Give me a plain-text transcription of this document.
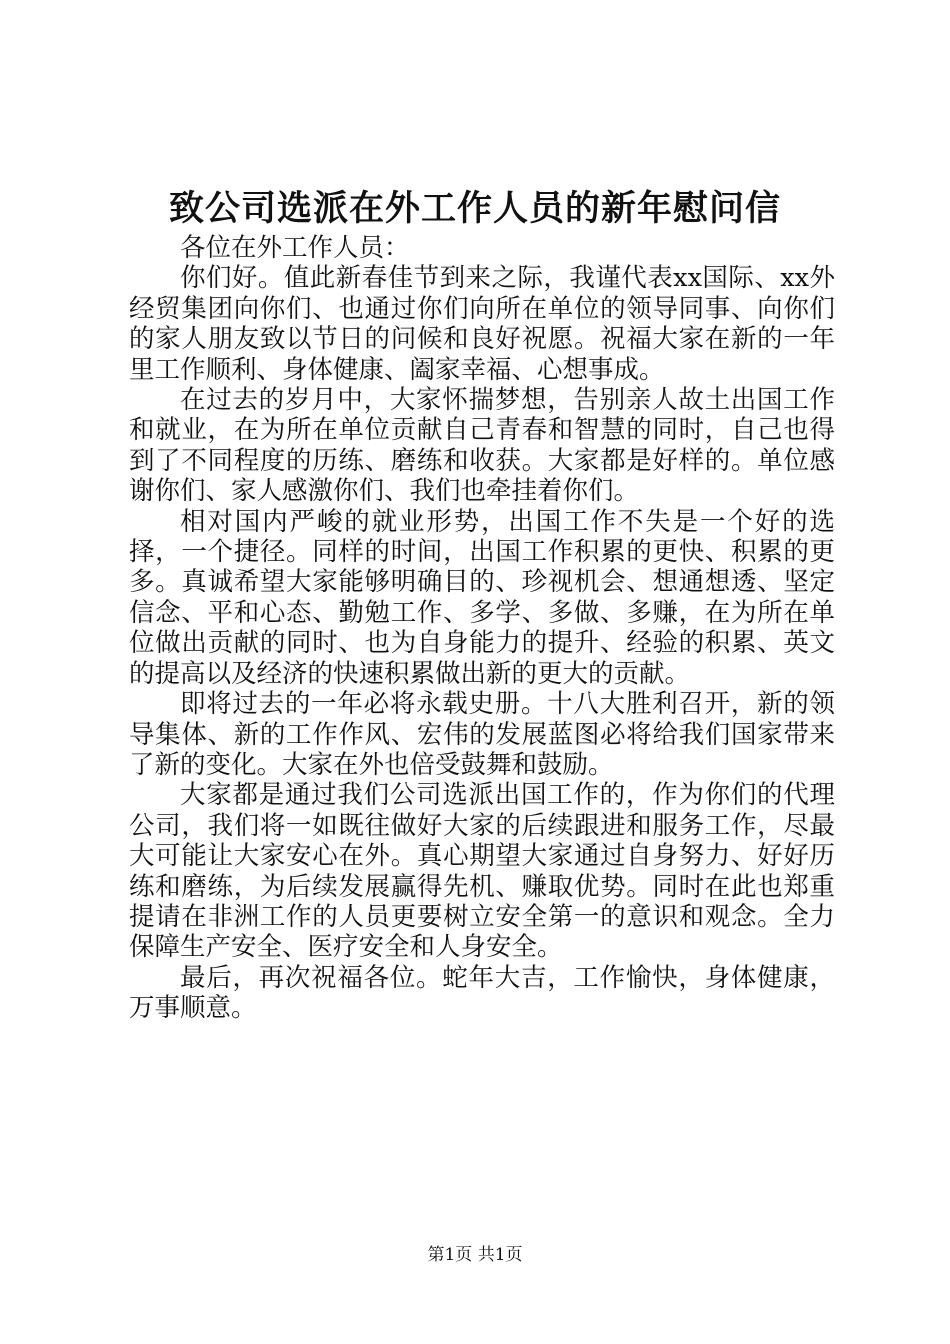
致公司选派在外工作人员的新年慰问信

各位在外工作人员：

你们好。值此新春佳节到来之际，我谨代表xx国际、xx外经贸集团向你们、也通过你们向所在单位的领导同事、向你们的家人朋友致以节日的问候和良好祝愿。祝福大家在新的一年里工作顺利、身体健康、阖家幸福、心想事成。

在过去的岁月中，大家怀揣梦想，告别亲人故土出国工作和就业，在为所在单位贡献自己青春和智慧的同时，自己也得到了不同程度的历练、磨练和收获。大家都是好样的。单位感谢你们、家人感激你们、我们也牵挂着你们。

相对国内严峻的就业形势，出国工作不失是一个好的选择，一个捷径。同样的时间，出国工作积累的更快、积累的更多。真诚希望大家能够明确目的、珍视机会、想通想透、坚定信念、平和心态、勤勉工作、多学、多做、多赚，在为所在单位做出贡献的同时、也为自身能力的提升、经验的积累、英文的提高以及经济的快速积累做出新的更大的贡献。

即将过去的一年必将永载史册。十八大胜利召开，新的领导集体、新的工作作风、宏伟的发展蓝图必将给我们国家带来了新的变化。大家在外也倍受鼓舞和鼓励。

大家都是通过我们公司选派出国工作的，作为你们的代理公司，我们将一如既往做好大家的后续跟进和服务工作，尽最大可能让大家安心在外。真心期望大家通过自身努力、好好历练和磨练，为后续发展赢得先机、赚取优势。同时在此也郑重提请在非洲工作的人员更要树立安全第一的意识和观念。全力保障生产安全、医疗安全和人身安全。

最后，再次祝福各位。蛇年大吉，工作愉快，身体健康，万事顺意。

第1页 共1页
